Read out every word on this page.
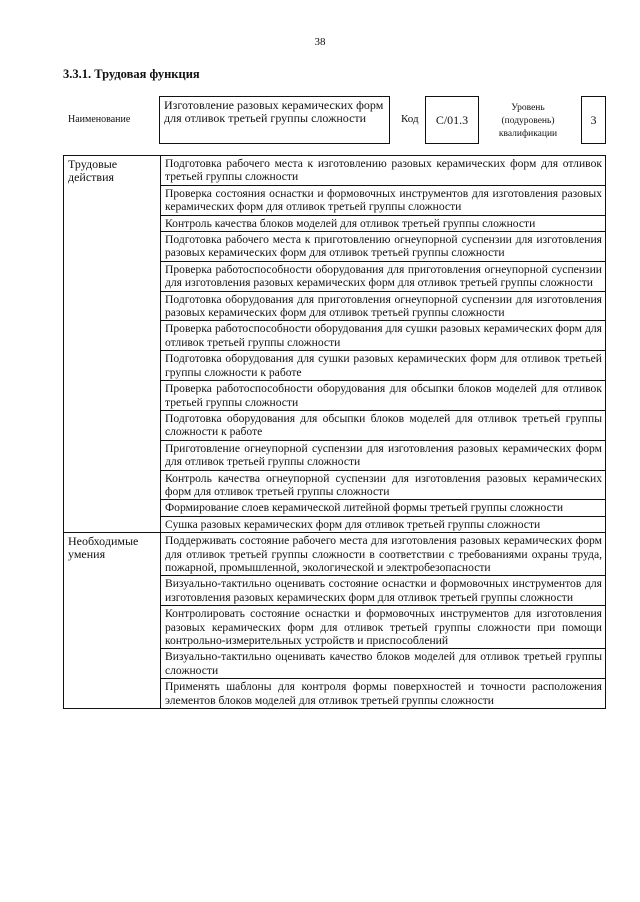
38
3.3.1. Трудовая функция
Наименование
Изготовление разовых керамических форм для отливок третьей группы сложности	Код	С/01.3
Уровень (подуровень) квалификации
3
Трудовые действия	Подготовка рабочего места к изготовлению разовых керамических форм для отливок третьей группы сложности
	Проверка состояния оснастки и формовочных инструментов для изготовления разовых керамических форм для отливок третьей группы сложности
	Контроль качества блоков моделей для отливок третьей группы сложности
	Подготовка рабочего места к приготовлению огнеупорной суспензии для изготовления разовых керамических форм для отливок третьей группы сложности
	Проверка работоспособности оборудования для приготовления огнеупорной суспензии для изготовления разовых керамических форм для отливок третьей группы сложности
	Подготовка оборудования для приготовления огнеупорной суспензии для изготовления разовых керамических форм для отливок третьей группы сложности
	Проверка работоспособности оборудования для сушки разовых керамических форм для отливок третьей группы сложности
	Подготовка оборудования для сушки разовых керамических форм для отливок третьей группы сложности к работе
	Проверка работоспособности оборудования для обсыпки блоков моделей для отливок третьей группы сложности
	Подготовка оборудования для обсыпки блоков моделей для отливок третьей группы сложности к работе
	Приготовление огнеупорной суспензии для изготовления разовых керамических форм для отливок третьей группы сложности
	Контроль качества огнеупорной суспензии для изготовления разовых керамических форм для отливок третьей группы сложности
	Формирование слоев керамической литейной формы третьей группы сложности
	Сушка разовых керамических форм для отливок третьей группы сложности
Необходимые умения	Поддерживать состояние рабочего места для изготовления разовых керамических форм для отливок третьей группы сложности в соответствии с требованиями охраны труда, пожарной, промышленной, экологической и электробезопасности
	Визуально-тактильно оценивать состояние оснастки и формовочных инструментов для изготовления разовых керамических форм для отливок третьей группы сложности
	Контролировать состояние оснастки и формовочных инструментов для изготовления разовых керамических форм для отливок третьей группы сложности при помощи контрольно-измерительных устройств и приспособлений
	Визуально-тактильно оценивать качество блоков моделей для отливок третьей группы сложности
	Применять шаблоны для контроля формы поверхностей и точности расположения элементов блоков моделей для отливок третьей группы сложности
